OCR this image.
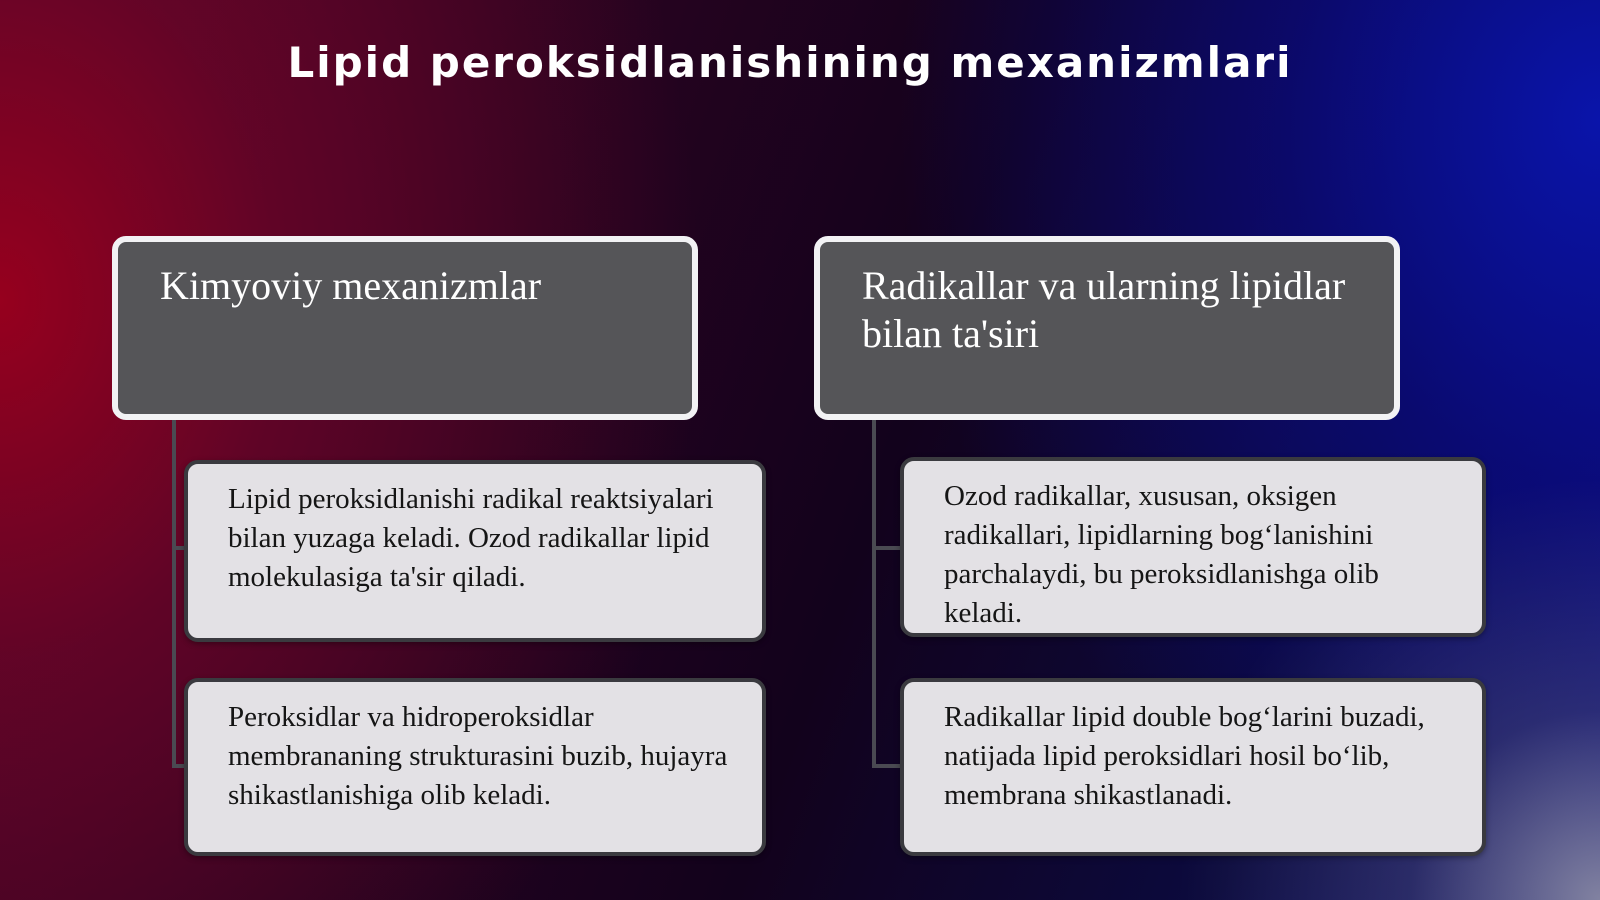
Lipid peroksidlanishining mexanizmlari
Kimyoviy mexanizmlar
Lipid peroksidlanishi radikal reaktsiyalari bilan yuzaga keladi. Ozod radikallar lipid molekulasiga ta'sir qiladi.
Peroksidlar va hidroperoksidlar membrananing strukturasini buzib, hujayra shikastlanishiga olib keladi.
Radikallar va ularning lipidlar bilan ta'siri
Ozod radikallar, xususan, oksigen radikallari, lipidlarning bog‘lanishini parchalaydi, bu peroksidlanishga olib keladi.
Radikallar lipid double bog‘larini buzadi, natijada lipid peroksidlari hosil bo‘lib, membrana shikastlanadi.
